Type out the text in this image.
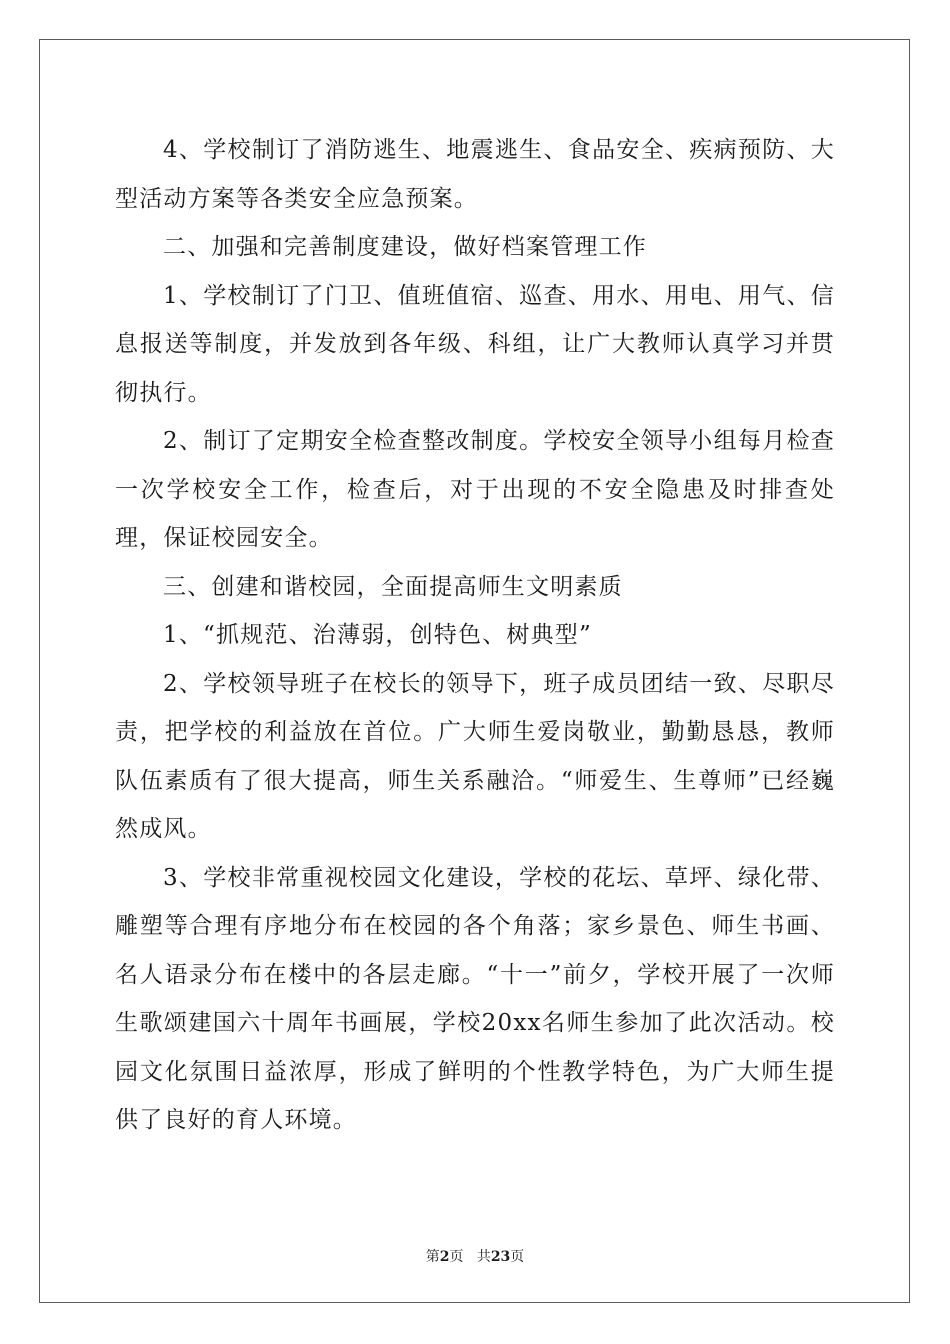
4、学校制订了消防逃生、地震逃生、食品安全、疾病预防、大型活动方案等各类安全应急预案。

二、加强和完善制度建设，做好档案管理工作

1、学校制订了门卫、值班值宿、巡查、用水、用电、用气、信息报送等制度，并发放到各年级、科组，让广大教师认真学习并贯彻执行。

2、制订了定期安全检查整改制度。学校安全领导小组每月检查一次学校安全工作，检查后，对于出现的不安全隐患及时排查处理，保证校园安全。

三、创建和谐校园，全面提高师生文明素质

1、“抓规范、治薄弱，创特色、树典型”

2、学校领导班子在校长的领导下，班子成员团结一致、尽职尽责，把学校的利益放在首位。广大师生爱岗敬业，勤勤恳恳，教师队伍素质有了很大提高，师生关系融洽。“师爱生、生尊师”已经巍然成风。

3、学校非常重视校园文化建设，学校的花坛、草坪、绿化带、雕塑等合理有序地分布在校园的各个角落；家乡景色、师生书画、名人语录分布在楼中的各层走廊。“十一”前夕，学校开展了一次师生歌颂建国六十周年书画展，学校20xx名师生参加了此次活动。校园文化氛围日益浓厚，形成了鲜明的个性教学特色，为广大师生提供了良好的育人环境。

第2页 共23页
